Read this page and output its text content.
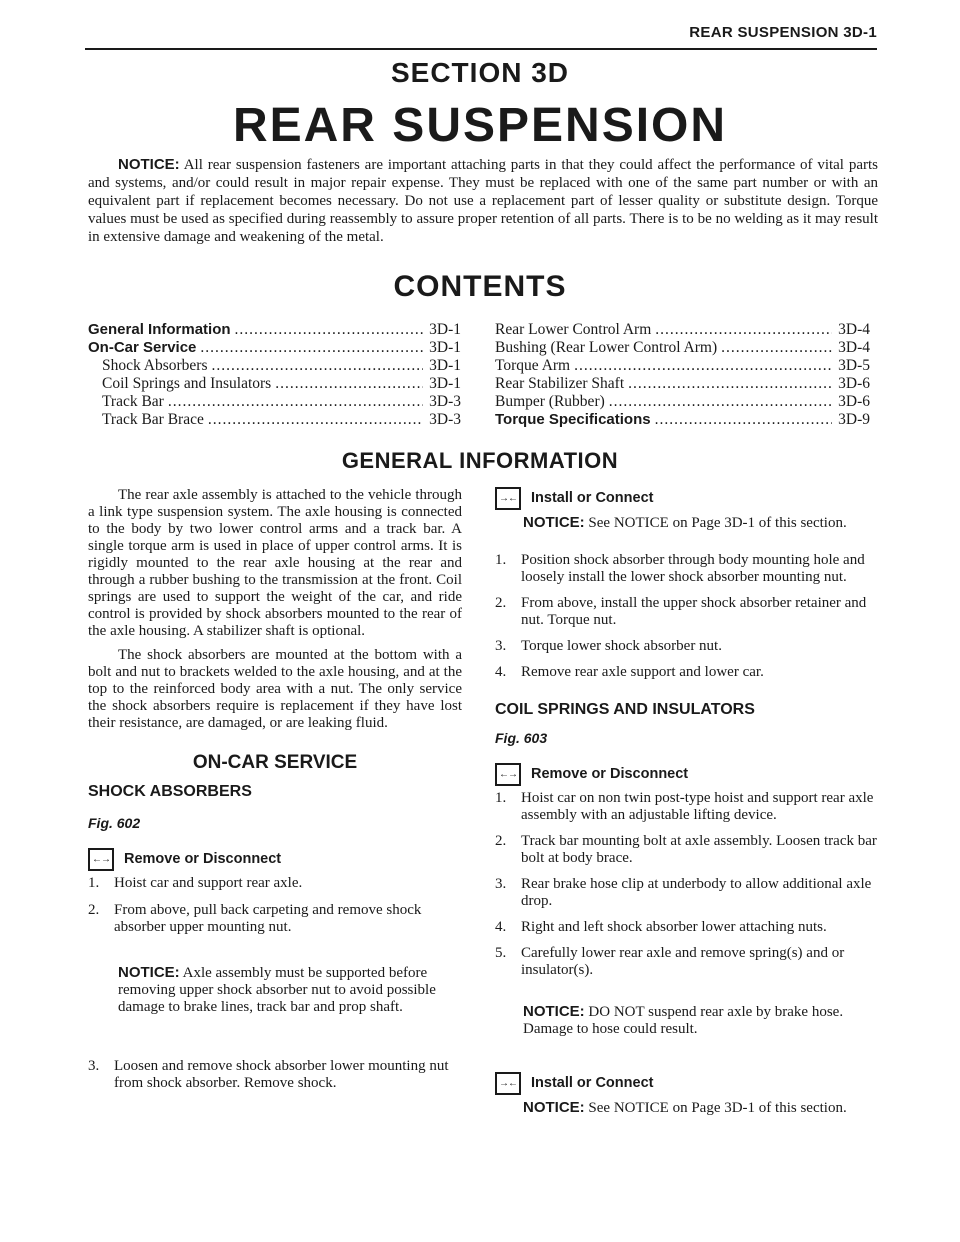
REAR SUSPENSION 3D-1
SECTION 3D
REAR SUSPENSION
NOTICE: All rear suspension fasteners are important attaching parts in that they could affect the performance of vital parts and systems, and/or could result in major repair expense. They must be replaced with one of the same part number or with an equivalent part if replacement becomes necessary. Do not use a replacement part of lesser quality or substitute design. Torque values must be used as specified during reassembly to assure proper retention of all parts. There is to be no welding as it may result in extensive damage and weakening of the metal.
CONTENTS
General Information .....	3D-1
On-Car Service .....	3D-1
Shock Absorbers .....	3D-1
Coil Springs and Insulators .....	3D-1
Track Bar .....	3D-3
Track Bar Brace .....	3D-3
Rear Lower Control Arm .....	3D-4
Bushing (Rear Lower Control Arm) .....	3D-4
Torque Arm .....	3D-5
Rear Stabilizer Shaft .....	3D-6
Bumper (Rubber) .....	3D-6
Torque Specifications .....	3D-9
GENERAL INFORMATION

The rear axle assembly is attached to the vehicle through a link type suspension system. The axle housing is connected to the body by two lower control arms and a track bar. A single torque arm is used in place of upper control arms. It is rigidly mounted to the rear axle housing at the rear and through a rubber bushing to the transmission at the front. Coil springs are used to support the weight of the car, and ride control is provided by shock absorbers mounted to the rear of the axle housing. A stabilizer shaft is optional.

The shock absorbers are mounted at the bottom with a bolt and nut to brackets welded to the axle housing, and at the top to the reinforced body area with a nut. The only service the shock absorbers require is replacement if they have lost their resistance, are damaged, or are leaking fluid.

ON-CAR SERVICE
SHOCK ABSORBERS
Fig. 602
←→ Remove or Disconnect
1. Hoist car and support rear axle.
2. From above, pull back carpeting and remove shock absorber upper mounting nut.
NOTICE: Axle assembly must be supported before removing upper shock absorber nut to avoid possible damage to brake lines, track bar and prop shaft.
3. Loosen and remove shock absorber lower mounting nut from shock absorber. Remove shock.
→← Install or Connect
NOTICE: See NOTICE on Page 3D-1 of this section.
1. Position shock absorber through body mounting hole and loosely install the lower shock absorber mounting nut.
2. From above, install the upper shock absorber retainer and nut. Torque nut.
3. Torque lower shock absorber nut.
4. Remove rear axle support and lower car.
COIL SPRINGS AND INSULATORS
Fig. 603
←→ Remove or Disconnect
1. Hoist car on non twin post-type hoist and support rear axle assembly with an adjustable lifting device.
2. Track bar mounting bolt at axle assembly. Loosen track bar bolt at body brace.
3. Rear brake hose clip at underbody to allow additional axle drop.
4. Right and left shock absorber lower attaching nuts.
5. Carefully lower rear axle and remove spring(s) and or insulator(s).
NOTICE: DO NOT suspend rear axle by brake hose. Damage to hose could result.
→← Install or Connect
NOTICE: See NOTICE on Page 3D-1 of this section.
